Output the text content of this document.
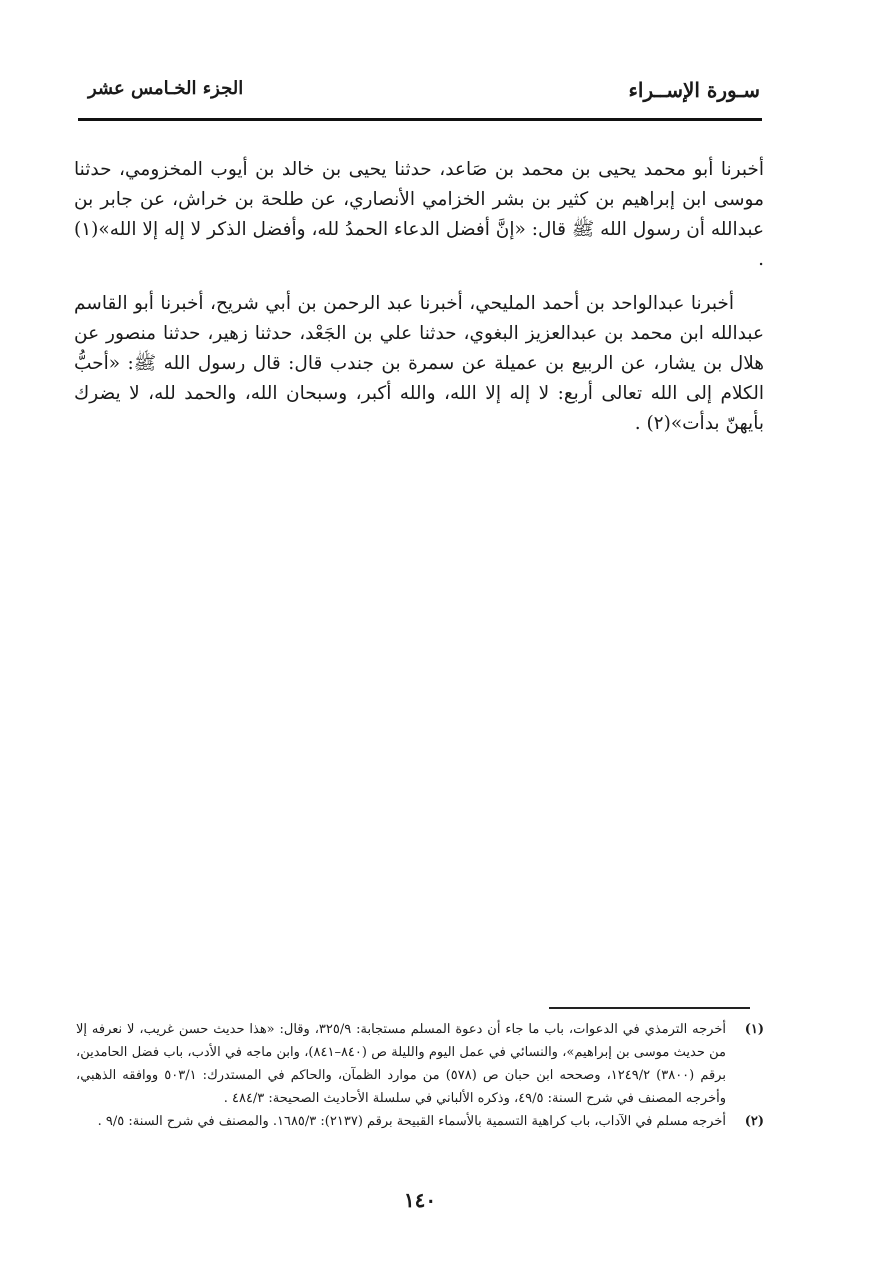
سـورة الإســراء
الجزء الخـامس عشر

أخبرنا أبو محمد يحيى بن محمد بن صَاعد، حدثنا يحيى بن خالد بن أيوب المخزومي، حدثنا موسى ابن إبراهيم بن كثير بن بشر الخزامي الأنصاري، عن طلحة بن خراش، عن جابر بن عبدالله أن رسول الله ﷺ قال: «إنَّ أفضل الدعاء الحمدُ لله، وأفضل الذكر لا إله إلا الله»(١) .

أخبرنا عبدالواحد بن أحمد المليحي، أخبرنا عبد الرحمن بن أبي شريح، أخبرنا أبو القاسم عبدالله ابن محمد بن عبدالعزيز البغوي، حدثنا علي بن الجَعْد، حدثنا زهير، حدثنا منصور عن هلال بن يشار، عن الربيع بن عميلة عن سمرة بن جندب قال: قال رسول الله ﷺ: «أحبُّ الكلام إلى الله تعالى أربع: لا إله إلا الله، والله أكبر، وسبحان الله، والحمد لله، لا يضرك بأيهنّ بدأت»(٢) .

(١)
أخرجه الترمذي في الدعوات، باب ما جاء أن دعوة المسلم مستجابة: ٣٢٥/٩، وقال: «هذا حديث حسن غريب، لا نعرفه إلا من حديث موسى بن إبراهيم»، والنسائي في عمل اليوم والليلة ص (٨٤٠–٨٤١)، وابن ماجه في الأدب، باب فضل الحامدين، برقم (٣٨٠٠) ١٢٤٩/٢، وصححه ابن حبان ص (٥٧٨) من موارد الظمآن، والحاكم في المستدرك: ٥٠٣/١ ووافقه الذهبي، وأخرجه المصنف في شرح السنة: ٤٩/٥، وذكره الألباني في سلسلة الأحاديث الصحيحة: ٤٨٤/٣ .
(٢)
أخرجه مسلم في الآداب، باب كراهية التسمية بالأسماء القبيحة برقم (٢١٣٧): ١٦٨٥/٣. والمصنف في شرح السنة: ٩/٥ .
١٤٠
